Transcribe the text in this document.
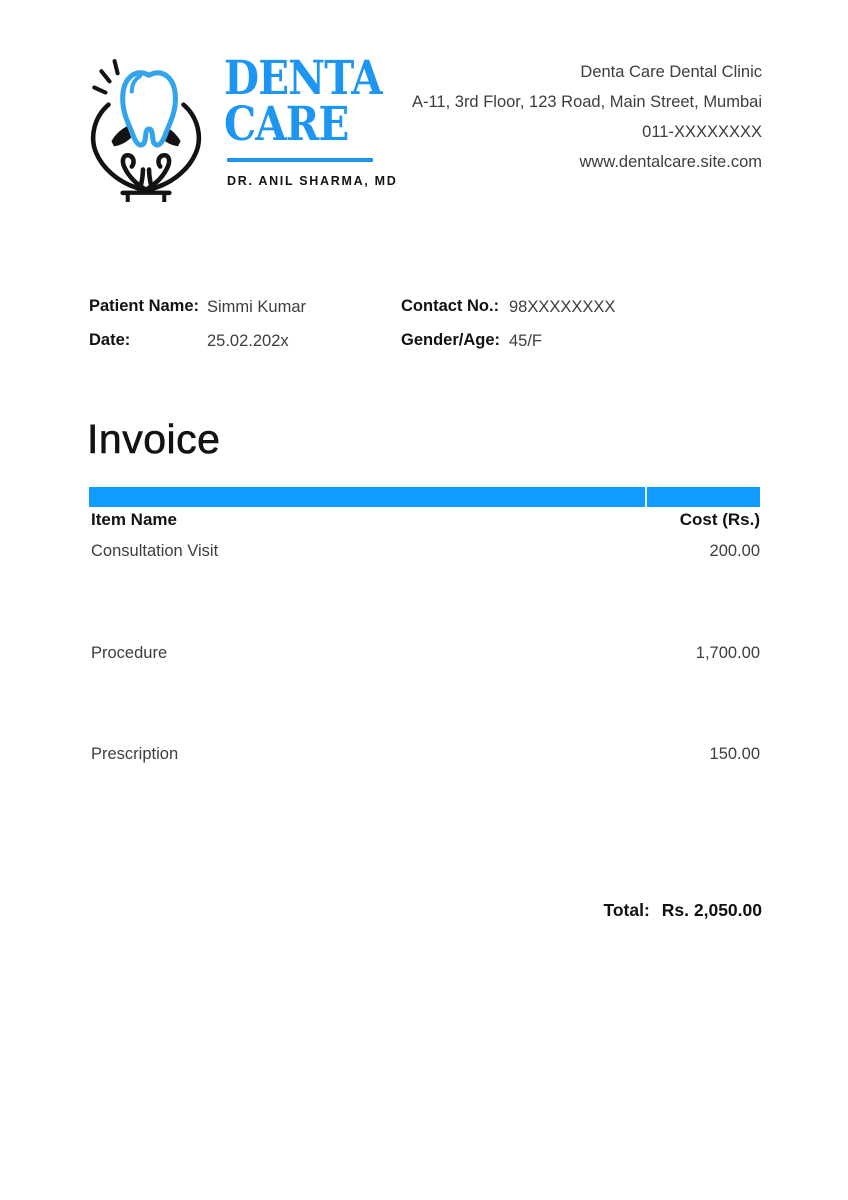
DENTA
CARE
DR. ANIL SHARMA, MD
Denta Care Dental Clinic
A-11, 3rd Floor, 123 Road, Main Street, Mumbai
011-XXXXXXXX
www.dentalcare.site.com
Patient Name: Simmi Kumar	Contact No.: 98XXXXXXXX
Date:	25.02.202x	Gender/Age: 45/F
Invoice
Item Name	Cost (Rs.)
Consultation Visit	200.00
Procedure	1,700.00
Prescription	150.00
Total: Rs. 2,050.00
